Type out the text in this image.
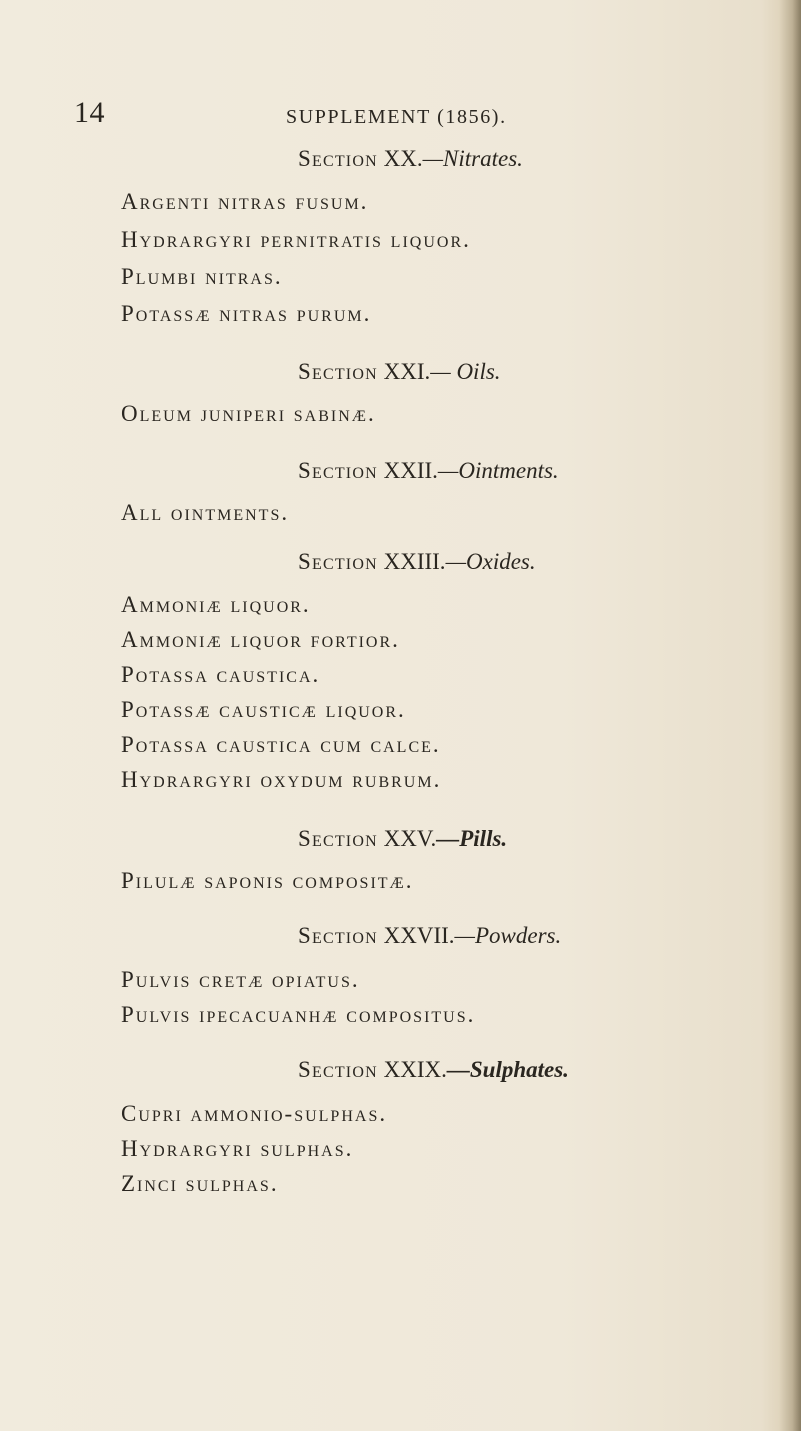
14	SUPPLEMENT (1856).
Section XX.—Nitrates.
Argenti nitras fusum.
Hydrargyri pernitratis liquor.
Plumbi nitras.
Potassæ nitras purum.
Section XXI.— Oils.
Oleum juniperi sabinæ.
Section XXII.—Ointments.
All ointments.
Section XXIII.—Oxides.
Ammoniæ liquor.
Ammoniæ liquor fortior.
Potassa caustica.
Potassæ causticæ liquor.
Potassa caustica cum calce.
Hydrargyri oxydum rubrum.
Section XXV.—Pills.
Pilulæ saponis compositæ.
Section XXVII.—Powders.
Pulvis cretæ opiatus.
Pulvis ipecacuanhæ compositus.
Section XXIX.—Sulphates.
Cupri ammonio-sulphas.
Hydrargyri sulphas.
Zinci sulphas.
